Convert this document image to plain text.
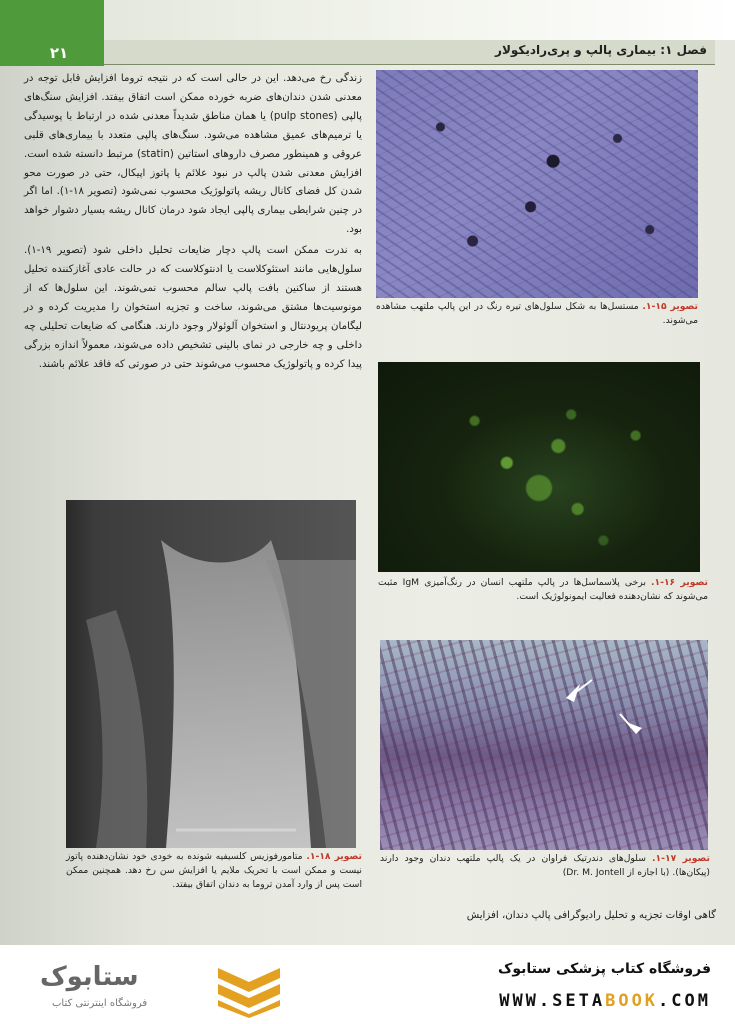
۲۱	فصل ۱: بیماری پالپ و پری‌رادیکولار

زندگی رخ می‌دهد. این در حالی است که در نتیجه تروما افزایش قابل توجه در معدنی شدن دندان‌های ضربه خورده ممکن است اتفاق بیفتد. افزایش سنگ‌های پالپی (pulp stones) یا همان مناطق شدیداً معدنی شده در ارتباط با پوسیدگی یا ترمیم‌های عمیق مشاهده می‌شود. سنگ‌های پالپی متعدد با بیماری‌های قلبی عروقی و همینطور مصرف داروهای استاتین (statin) مرتبط دانسته شده است. افزایش معدنی شدن پالپ در نبود علائم یا پاتوز اپیکال، حتی در صورت محو شدن کل فضای کانال ریشه پاتولوژیک محسوب نمی‌شود (تصویر ۱۸-۱). اما اگر در چنین شرایطی بیماری پالپی ایجاد شود درمان کانال ریشه بسیار دشوار خواهد بود.

به ندرت ممکن است پالپ دچار ضایعات تحلیل داخلی شود (تصویر ۱۹-۱). سلول‌هایی مانند استئوکلاست یا ادنتوکلاست که در حالت عادی آغازکننده تحلیل هستند از ساکنین بافت پالپ سالم محسوب نمی‌شوند. این سلول‌ها که از مونوسیت‌ها مشتق می‌شوند، ساخت و تجزیه استخوان را مدیریت کرده و در لیگامان پریودنتال و استخوان آلوئولار وجود دارند. هنگامی که ضایعات تحلیلی چه داخلی و چه خارجی در نمای بالینی تشخیص داده می‌شوند، معمولاً اندازه بزرگی پیدا کرده و پاتولوژیک محسوب می‌شوند حتی در صورتی که فاقد علائم باشند.

تصویر ۱۵-۱. مستسل‌ها به شکل سلول‌های تیره رنگ در این پالپ ملتهب مشاهده می‌شوند.
تصویر ۱۶-۱. برخی پلاسماسل‌ها در پالپ ملتهب انسان در رنگ‌آمیزی IgM مثبت می‌شوند که نشان‌دهنده فعالیت ایمونولوژیک است.
تصویر ۱۷-۱. سلول‌های دندرتیک فراوان در یک پالپ ملتهب دندان وجود دارند (پیکان‌ها). (با اجازه از Dr. M. Jontell)
تصویر ۱۸-۱. متامورفوزیس کلسیفیه شونده به خودی خود نشان‌دهنده پاتوز نیست و ممکن است با تحریک ملایم یا افزایش سن رخ دهد. همچنین ممکن است پس از وارد آمدن تروما به دندان اتفاق بیفتد.
گاهی اوقات تجزیه و تحلیل رادیوگرافی پالپ دندان، افزایش
فروشگاه کتاب پزشکی ستابوک
WWW.SETABOOK.COM
ستابوک
فروشگاه اینترنتی کتاب
